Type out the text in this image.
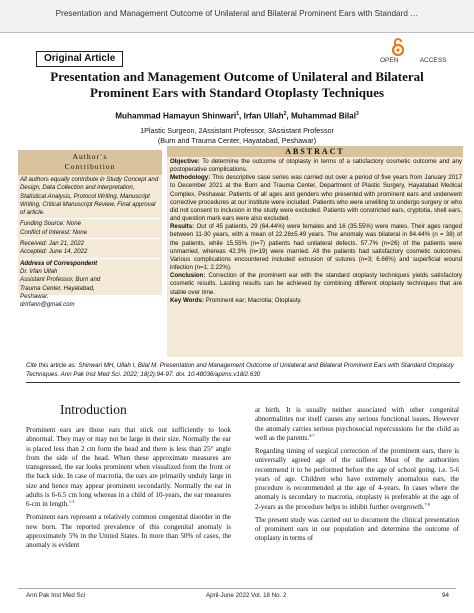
Presentation and Management Outcome of Unilateral and Bilateral Prominent Ears with Standard …
Original Article	OPEN	ACCESS
Presentation and Management Outcome of Unilateral and Bilateral Prominent Ears with Standard Otoplasty Techniques
Muhammad Hamayun Shinwari$^1$, Irfan Ullah$^2$, Muhammad Bilal$^3$
1Plastic Surgeon, 2Assistant Professor, 3Assistant Professor
(Burn and Trauma Center, Hayatabad, Peshawar)
Author`s
Contribution
All authors equally contribute in Study Concept and Design, Data Collection and interpretation, Statistical Analysis, Protocol Writing, Manuscript Writing, Critical Manuscript Review, Final approval of article.
Funding Source: None
Conflict of Interest: None
Received: Jan 21, 2022
Accepted: June 14, 2022
Address of Correspondent
Dr. Irfan Ullah
Assistant Professor, Burn and
Trauma Center, Hayatabad,
Peshawar.
drirfann@gmail.com
ABSTRACT
Objective: To determine the outcome of otoplasty in terms of a satisfactory cosmetic outcome and any postoperative complications.
Methodology: This descriptive case series was carried out over a period of five years from January 2017 to December 2021 at the Burn and Trauma Center, Department of Plastic Surgery, Hayatabad Medical Complex, Peshawar. Patients of all ages and genders who presented with prominent ears and underwent corrective procedures at our institute were included. Patients who were unwilling to undergo surgery or who did not consent to inclusion in the study were excluded. Patients with constricted ears, cryptotia, shell ears, and question mark ears were also excluded.
Results: Out of 45 patients, 29 (64.44%) were females and 16 (35.55%) were males. Their ages ranged between 11-30 years, with a mean of 22.28±5.49 years. The anomaly was bilateral in 84.44% (n = 38) of the patients, while 15.55% (n=7) patients had unilateral defects. 57.7% (n=26) of the patients were unmarried, whereas 42.3% (n=19) were married. All the patients had satisfactory cosmetic outcomes. Various complications encountered included extrusion of sutures (n=3; 6.66%) and superficial wound infection (n=1; 2.22%).
Conclusion: Correction of the prominent ear with the standard otoplasty techniques yields satisfactory cosmetic results. Lasting results can be achieved by combining different otoplasty techniques that are stable over time.
Key Words: Prominent ear; Macrotia; Otoplasty.
Cite this article as: Shinwari MH, Ullah I, Bilal M. Presentation and Management Outcome of Unilateral and Bilateral Prominent Ears with Standard Otoplasty Techniques. Ann Pak Inst Med Sci. 2022; 18(2):94-97. doi. 10.48036/apims.v18i2.630
Introduction

Prominent ears are those ears that stick out sufficiently to look abnormal. They may or may not be large in their size. Normally the ear is placed less than 2 cm form the head and there is less than 25° angle from the side of the head. When these approximate measures are transgressed, the ear looks prominent when visualized from the front or the back side. In case of macrotia, the ears are primarily unduly large in size and hence may appear prominent secondarily. Normally the ear in adults is 6-6.5 cm long whereas in a child of 10-years, the ear measures 6-cm in length.$^{1-3}$

Prominent ears represent a relatively common congenital disorder in the new born. The reported prevalence of this congenital anomaly is approximately 5% in the United States. In more than 50% of cases, the anomaly is evident

at birth. It is usually neither associated with other congenital abnormalities nor itself causes any serious functional issues. However the anomaly carries serious psychosocial repercussions for the child as well as the parents.$^{4-7}$

Regarding timing of surgical correction of the prominent ears, there is universally agreed age of the sufferer. Most of the authorities recommend it to be performed before the age of school going. i.e. 5-6 years of age. Children who have extremely anomalous ears, the procedure is recommended at the age of 4-years. In cases where the anomaly is secondary to macrotia, otoplasty is preferable at the age of 2-years as the procedure helps to inhibit further overgrowth.$^{7-9}$

The present study was carried out to document the clinical presentation of prominent ears in our population and determine the outcome of otoplasty in terms of

Ann Pak Inst Med Sci	April-June 2022 Vol. 18 No. 2	94
